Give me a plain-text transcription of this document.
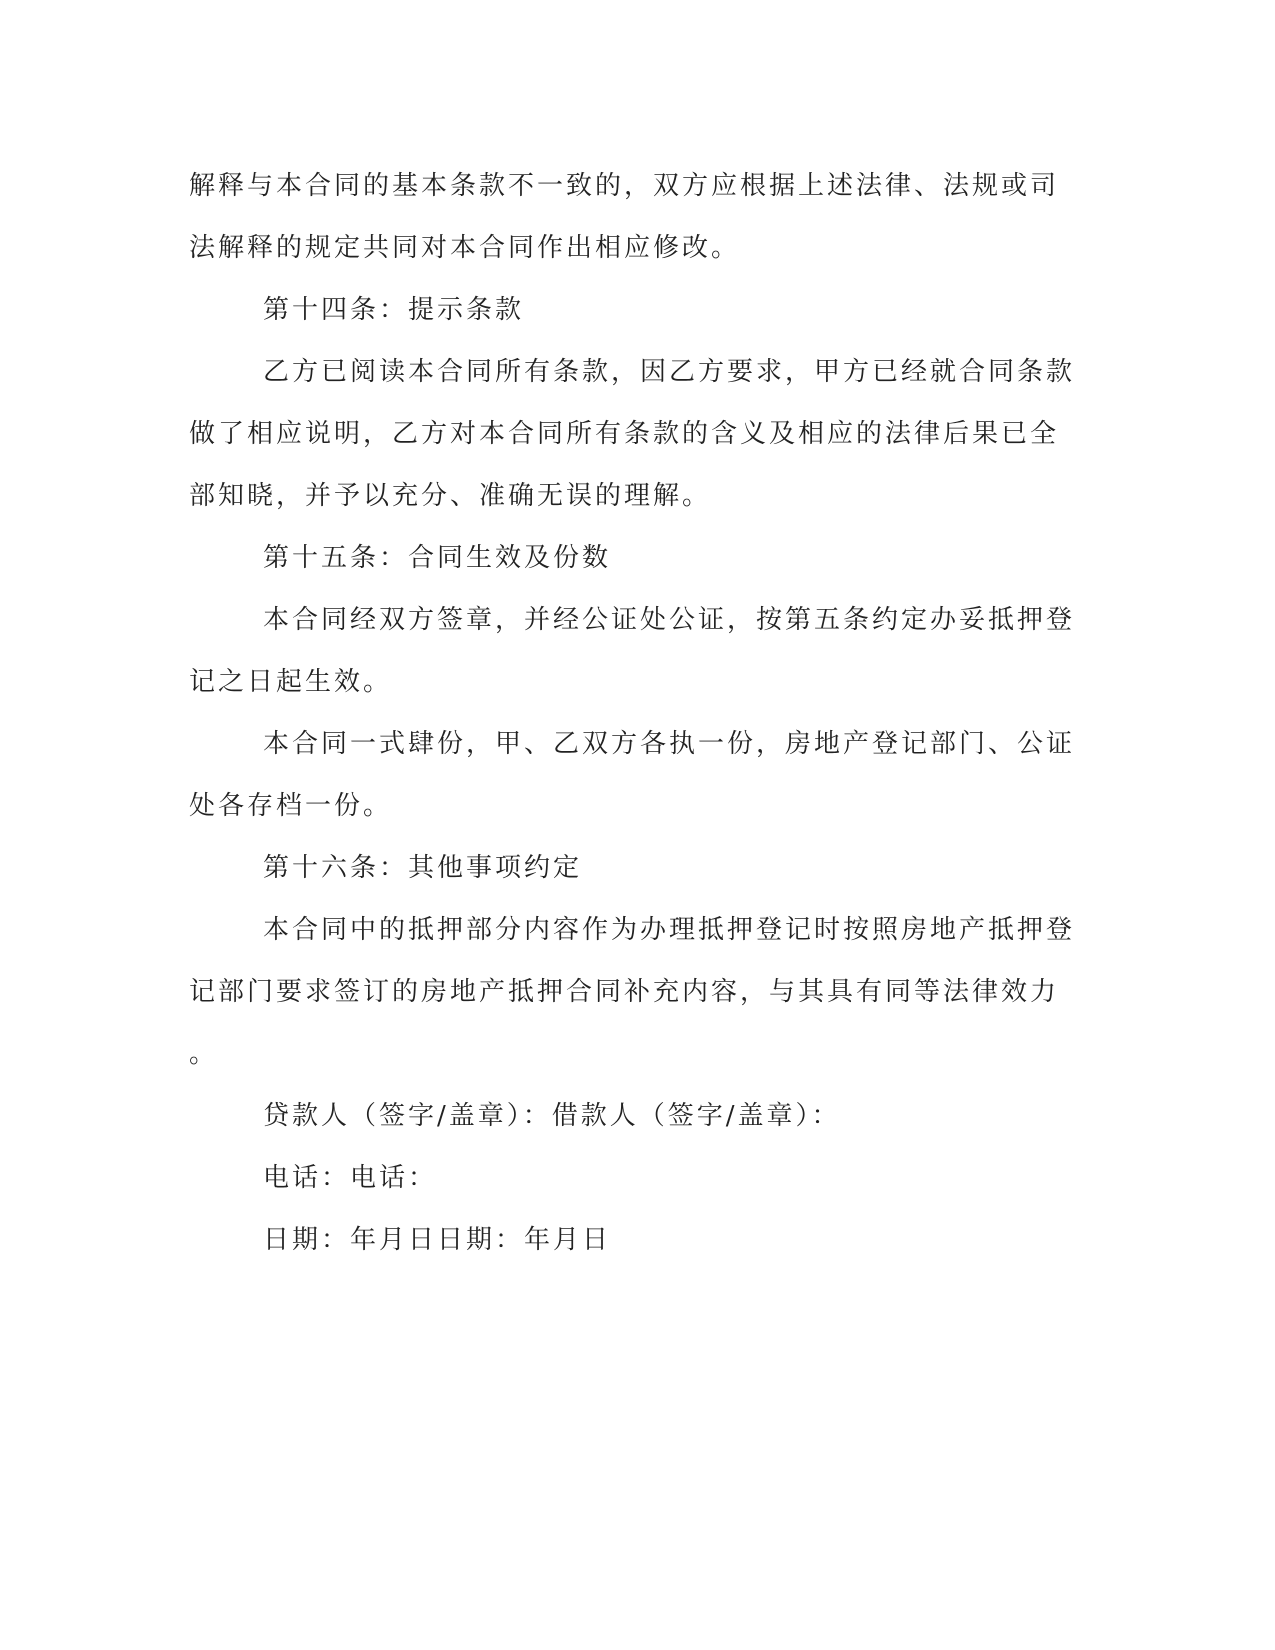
解释与本合同的基本条款不一致的，双方应根据上述法律、法规或司
法解释的规定共同对本合同作出相应修改。
第十四条：提示条款
乙方已阅读本合同所有条款，因乙方要求，甲方已经就合同条款
做了相应说明，乙方对本合同所有条款的含义及相应的法律后果已全
部知晓，并予以充分、准确无误的理解。
第十五条：合同生效及份数
本合同经双方签章，并经公证处公证，按第五条约定办妥抵押登
记之日起生效。
本合同一式肆份，甲、乙双方各执一份，房地产登记部门、公证
处各存档一份。
第十六条：其他事项约定
本合同中的抵押部分内容作为办理抵押登记时按照房地产抵押登
记部门要求签订的房地产抵押合同补充内容，与其具有同等法律效力
。
贷款人（签字/盖章）：借款人（签字/盖章）：
电话：电话：
日期：年月日日期：年月日
